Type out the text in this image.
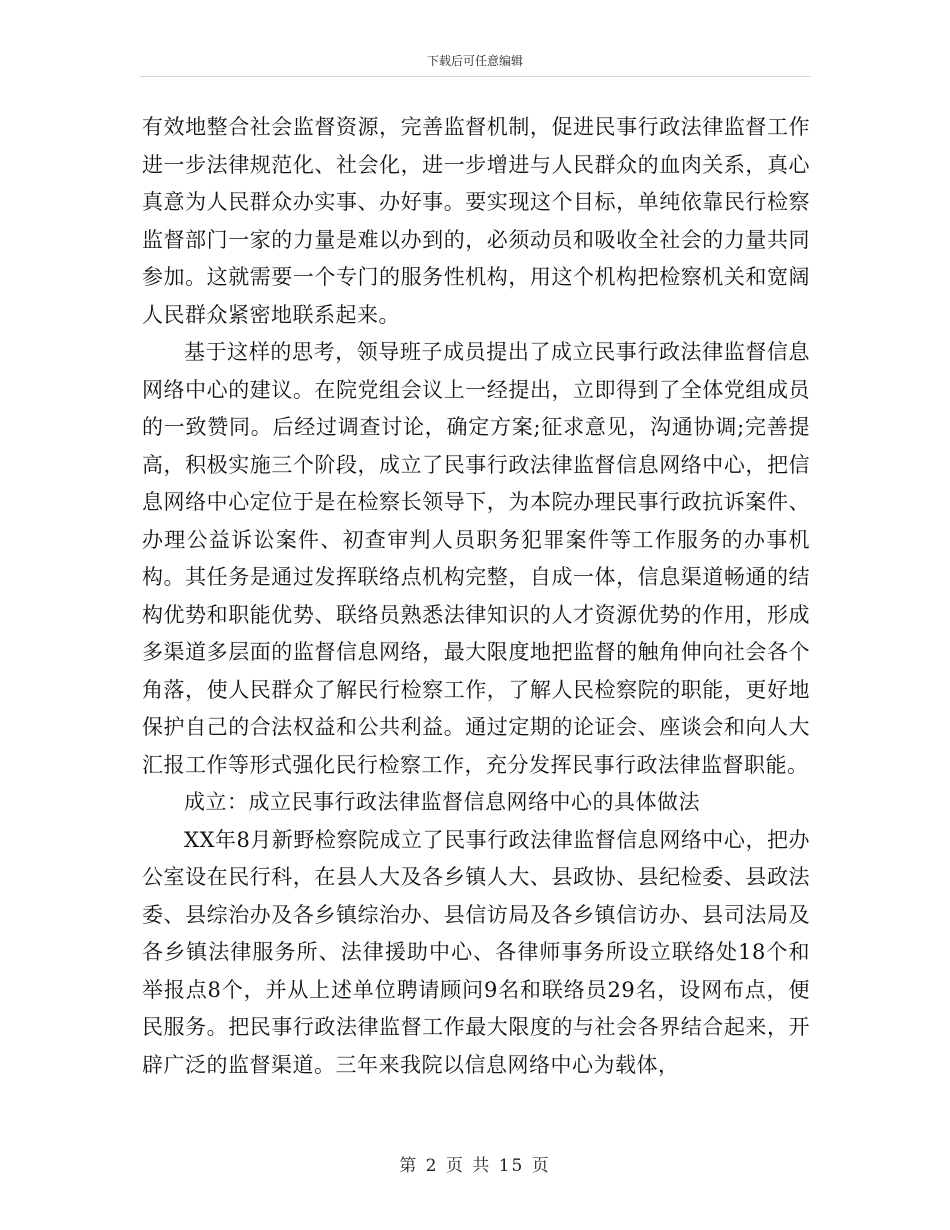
下载后可任意编辑

有效地整合社会监督资源，完善监督机制，促进民事行政法律监督工作进一步法律规范化、社会化，进一步增进与人民群众的血肉关系，真心真意为人民群众办实事、办好事。要实现这个目标，单纯依靠民行检察监督部门一家的力量是难以办到的，必须动员和吸收全社会的力量共同参加。这就需要一个专门的服务性机构，用这个机构把检察机关和宽阔人民群众紧密地联系起来。

基于这样的思考，领导班子成员提出了成立民事行政法律监督信息网络中心的建议。在院党组会议上一经提出，立即得到了全体党组成员的一致赞同。后经过调查讨论，确定方案;征求意见，沟通协调;完善提高，积极实施三个阶段，成立了民事行政法律监督信息网络中心，把信息网络中心定位于是在检察长领导下，为本院办理民事行政抗诉案件、办理公益诉讼案件、初查审判人员职务犯罪案件等工作服务的办事机构。其任务是通过发挥联络点机构完整，自成一体，信息渠道畅通的结构优势和职能优势、联络员熟悉法律知识的人才资源优势的作用，形成多渠道多层面的监督信息网络，最大限度地把监督的触角伸向社会各个角落，使人民群众了解民行检察工作，了解人民检察院的职能，更好地保护自己的合法权益和公共利益。通过定期的论证会、座谈会和向人大汇报工作等形式强化民行检察工作，充分发挥民事行政法律监督职能。

成立：成立民事行政法律监督信息网络中心的具体做法

XX年8月新野检察院成立了民事行政法律监督信息网络中心，把办公室设在民行科，在县人大及各乡镇人大、县政协、县纪检委、县政法委、县综治办及各乡镇综治办、县信访局及各乡镇信访办、县司法局及各乡镇法律服务所、法律援助中心、各律师事务所设立联络处18个和举报点8个，并从上述单位聘请顾问9名和联络员29名，设网布点，便民服务。把民事行政法律监督工作最大限度的与社会各界结合起来，开辟广泛的监督渠道。三年来我院以信息网络中心为载体，

第 2 页 共 15 页
